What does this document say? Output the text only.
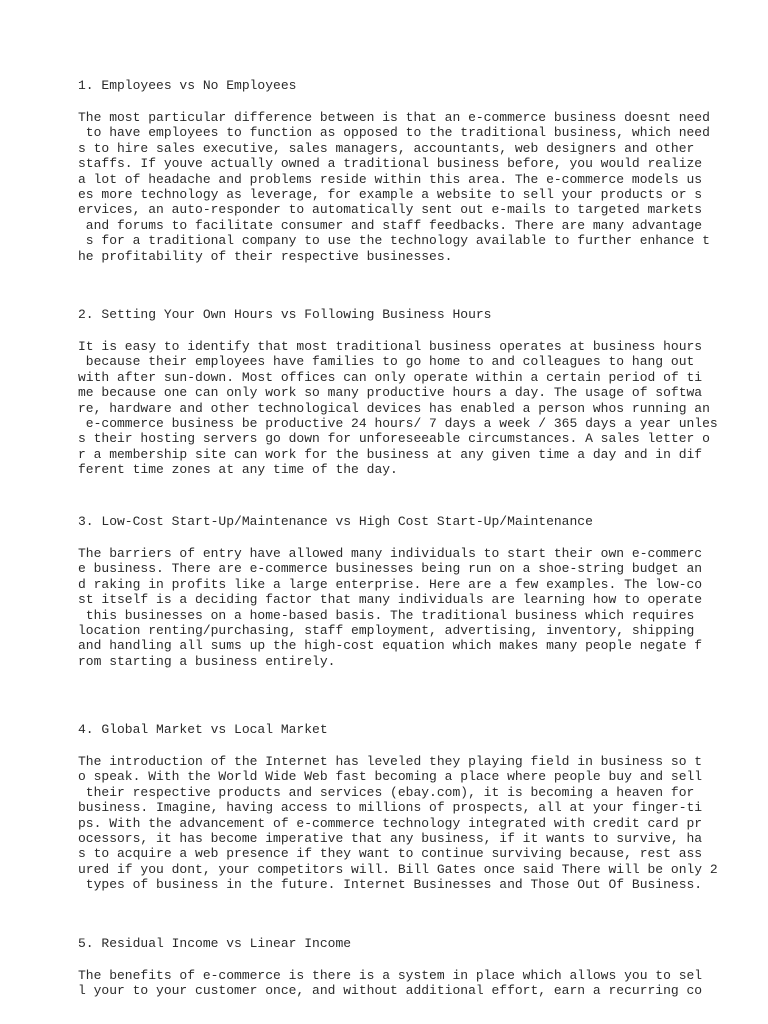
1. Employees vs No Employees

The most particular difference between is that an e-commerce business doesnt need

to have employees to function as opposed to the traditional business, which need

s to hire sales executive, sales managers, accountants, web designers and other

staffs. If youve actually owned a traditional business before, you would realize

a lot of headache and problems reside within this area. The e-commerce models us

es more technology as leverage, for example a website to sell your products or s

ervices, an auto-responder to automatically sent out e-mails to targeted markets

and forums to facilitate consumer and staff feedbacks. There are many advantage

s for a traditional company to use the technology available to further enhance t

he profitability of their respective businesses.

2. Setting Your Own Hours vs Following Business Hours

It is easy to identify that most traditional business operates at business hours

because their employees have families to go home to and colleagues to hang out

with after sun-down. Most offices can only operate within a certain period of ti

me because one can only work so many productive hours a day. The usage of softwa

re, hardware and other technological devices has enabled a person whos running an

e-commerce business be productive 24 hours/ 7 days a week / 365 days a year unles

s their hosting servers go down for unforeseeable circumstances. A sales letter o

r a membership site can work for the business at any given time a day and in dif

ferent time zones at any time of the day.

3. Low-Cost Start-Up/Maintenance vs High Cost Start-Up/Maintenance

The barriers of entry have allowed many individuals to start their own e-commerc

e business. There are e-commerce businesses being run on a shoe-string budget an

d raking in profits like a large enterprise. Here are a few examples. The low-co

st itself is a deciding factor that many individuals are learning how to operate

this businesses on a home-based basis. The traditional business which requires

location renting/purchasing, staff employment, advertising, inventory, shipping

and handling all sums up the high-cost equation which makes many people negate f

rom starting a business entirely.

4. Global Market vs Local Market

The introduction of the Internet has leveled they playing field in business so t

o speak. With the World Wide Web fast becoming a place where people buy and sell

their respective products and services (ebay.com), it is becoming a heaven for

business. Imagine, having access to millions of prospects, all at your finger-ti

ps. With the advancement of e-commerce technology integrated with credit card pr

ocessors, it has become imperative that any business, if it wants to survive, ha

s to acquire a web presence if they want to continue surviving because, rest ass

ured if you dont, your competitors will. Bill Gates once said There will be only 2

types of business in the future. Internet Businesses and Those Out Of Business.

5. Residual Income vs Linear Income

The benefits of e-commerce is there is a system in place which allows you to sel

l your to your customer once, and without additional effort, earn a recurring co
